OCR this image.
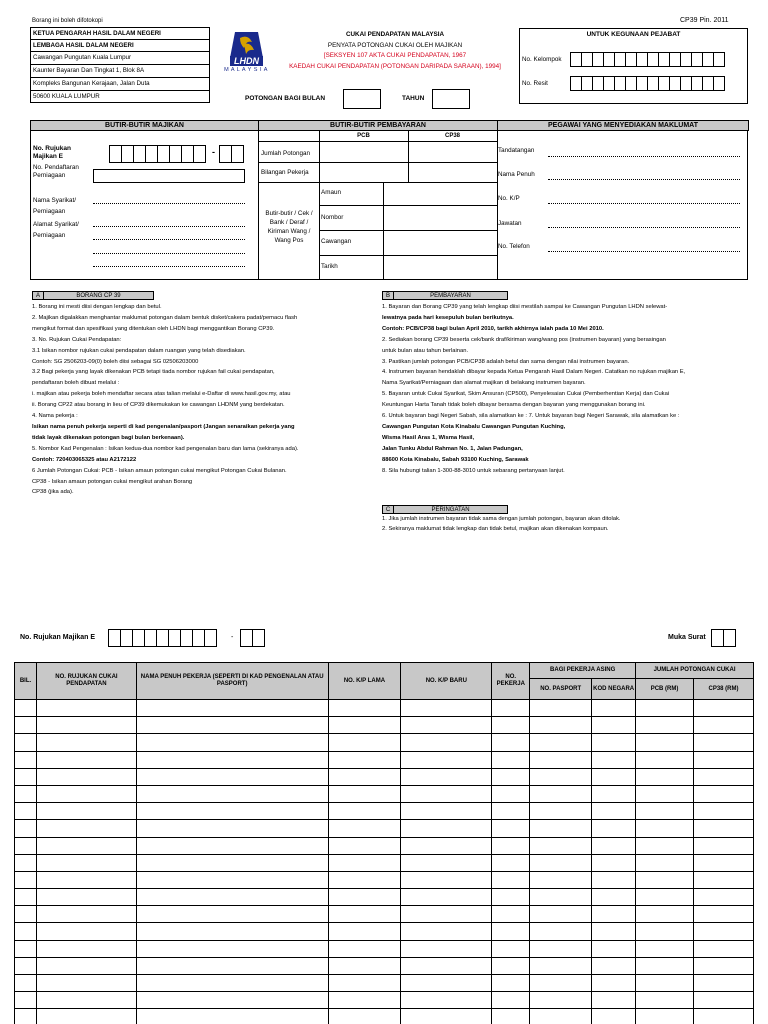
Borang ini boleh difotokopi	CP39 Pin. 2011
KETUA PENGARAH HASIL DALAM NEGERI
LEMBAGA HASIL DALAM NEGERI
Cawangan Pungutan Kuala Lumpur
Kaunter Bayaran Dan Tingkat 1, Blok 8A
Kompleks Bangunan Kerajaan, Jalan Duta
50600 KUALA LUMPUR
LHDN
M A L A Y S I A
CUKAI PENDAPATAN MALAYSIA
PENYATA POTONGAN CUKAI OLEH MAJIKAN
[SEKSYEN 107 AKTA CUKAI PENDAPATAN, 1967
KAEDAH CUKAI PENDAPATAN (POTONGAN DARIPADA SARAAN), 1994]
POTONGAN BAGI BULAN	TAHUN
UNTUK KEGUNAAN PEJABAT
No. Kelompok
No. Resit
BUTIR-BUTIR MAJIKAN	BUTIR-BUTIR PEMBAYARAN	PEGAWAI YANG MENYEDIAKAN MAKLUMAT
No. Rujukan Majikan E	-
No. Pendaftaran Perniagaan
Nama Syarikat/ Perniagaan
Alamat Syarikat/ Perniagaan
PCB	CP38
Jumlah Potongan
Bilangan Pekerja
Butir-butir / Cek / Bank / Deraf / Kiriman Wang / Wang Pos
Amaun
Nombor
Cawangan
Tarikh
Tandatangan
Nama Penuh
No. K/P
Jawatan
No. Telefon
A	BORANG CP 39
1. Borang ini mesti diisi dengan lengkap dan betul.
2. Majikan digalakkan menghantar maklumat potongan dalam bentuk disket/cakera padat/pemacu flash
mengikut format dan spesifikasi yang ditentukan oleh LHDN bagi menggantikan Borang CP39.
3. No. Rujukan Cukai Pendapatan:
3.1 Isikan nombor rujukan cukai pendapatan dalam ruangan yang telah disediakan.
Contoh: SG 2506203-09(0) boleh diisi sebagai SG 02506203000
3.2 Bagi pekerja yang layak dikenakan PCB tetapi tiada nombor rujukan fail cukai pendapatan,
pendaftaran boleh dibuat melalui :
i. majikan atau pekerja boleh mendaftar secara atas talian melalui e-Daftar di www.hasil.gov.my, atau
ii. Borang CP22 atau borang in lieu of CP39 dikemukakan ke cawangan LHDNM yang berdekatan.
4. Nama pekerja :
Isikan nama penuh pekerja seperti di kad pengenalan/pasport (Jangan senaraikan pekerja yang
tidak layak dikenakan potongan bagi bulan berkenaan).
5. Nombor Kad Pengenalan : Isikan kedua-dua nombor kad pengenalan baru dan lama (sekiranya ada).
Contoh: 720403065325 atau A2172122
6 Jumlah Potongan Cukai: PCB - Isikan amaun potongan cukai mengikut Potongan Cukai Bulanan.
CP38 - Isikan amaun potongan cukai mengikut arahan Borang
CP38 (jika ada).
B	PEMBAYARAN
1. Bayaran dan Borang CP39 yang telah lengkap diisi mestilah sampai ke Cawangan Pungutan LHDN selewat-
lewatnya pada hari kesepuluh bulan berikutnya.
Contoh: PCB/CP38 bagi bulan April 2010, tarikh akhirnya ialah pada 10 Mei 2010.
2. Sediakan borang CP39 beserta cek/bank draf/kiriman wang/wang pos (instrumen bayaran) yang berasingan
untuk bulan atau tahun berlainan.
3. Pastikan jumlah potongan PCB/CP38 adalah betul dan sama dengan nilai instrumen bayaran.
4. Instrumen bayaran hendaklah dibayar kepada Ketua Pengarah Hasil Dalam Negeri. Catatkan no rujukan majikan E,
Nama Syarikat/Perniagaan dan alamat majikan di belakang instrumen bayaran.
5. Bayaran untuk Cukai Syarikat, Skim Ansuran (CP500), Penyelesaian Cukai (Pemberhentian Kerja) dan Cukai
Keuntungan Harta Tanah tidak boleh dibayar bersama dengan bayaran yang menggunakan borang ini.
6. Untuk bayaran bagi Negeri Sabah, sila alamatkan ke : 7. Untuk bayaran bagi Negeri Sarawak, sila alamatkan ke :
Cawangan Pungutan Kota Kinabalu Cawangan Pungutan Kuching,
Wisma Hasil Aras 1, Wisma Hasil,
Jalan Tunku Abdul Rahman No. 1, Jalan Padungan,
88600 Kota Kinabalu, Sabah 93100 Kuching, Sarawak
8. Sila hubungi talian 1-300-88-3010 untuk sebarang pertanyaan lanjut.
C	PERINGATAN
1. Jika jumlah instrumen bayaran tidak sama dengan jumlah potongan, bayaran akan ditolak.
2. Sekiranya maklumat tidak lengkap dan tidak betul, majikan akan dikenakan kompaun.
No. Rujukan Majikan E	-	Muka Surat
BIL.	NO. RUJUKAN CUKAI PENDAPATAN	NAMA PENUH PEKERJA (SEPERTI DI KAD PENGENALAN ATAU PASPORT)	NO. K/P LAMA	NO. K/P BARU	NO. PEKERJA	BAGI PEKERJA ASING		JUMLAH POTONGAN CUKAI	
						NO. PASPORT	KOD NEGARA	PCB (RM)	CP38 (RM)
